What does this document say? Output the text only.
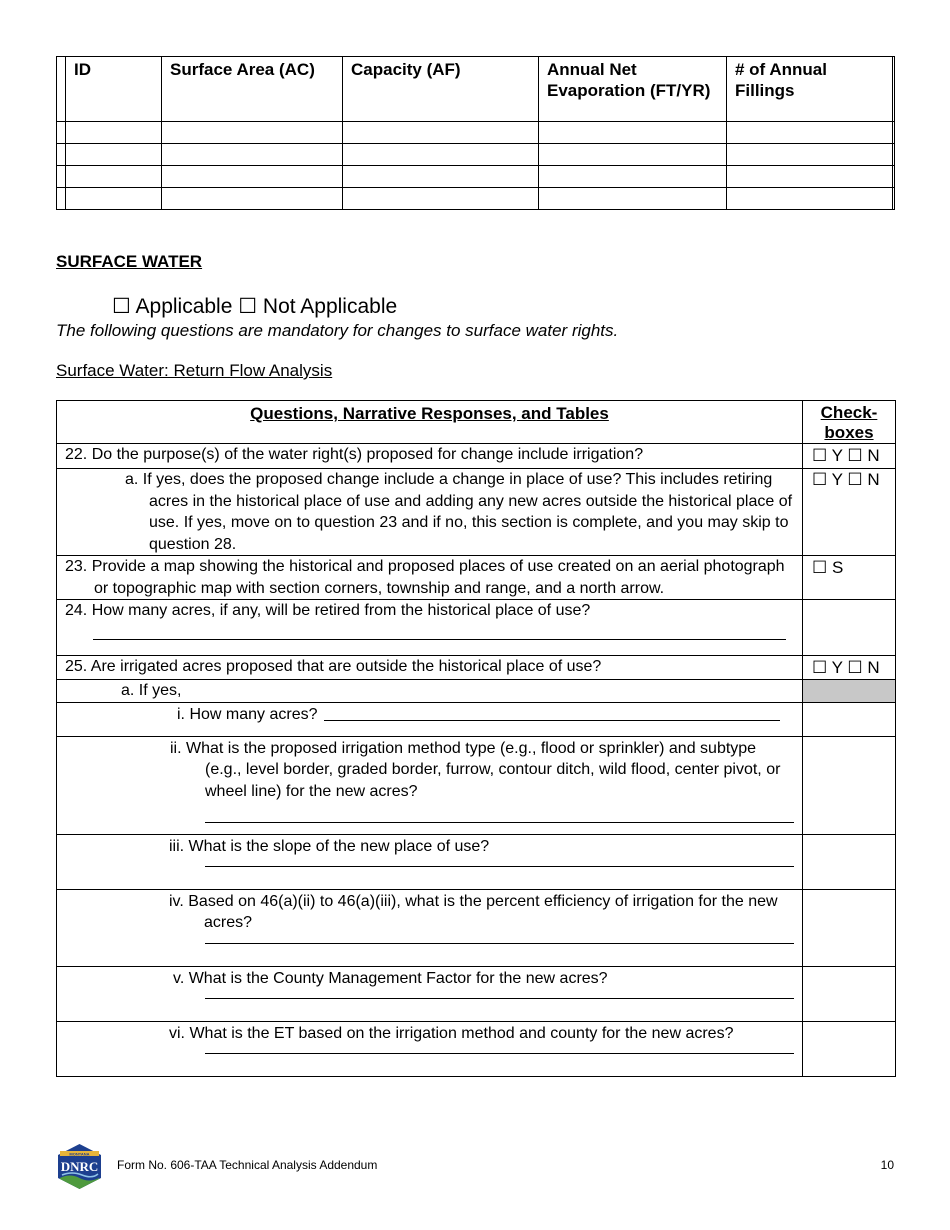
	ID	Surface Area (AC)	Capacity (AF)	Annual Net Evaporation (FT/YR)	# of Annual Fillings	

SURFACE WATER
☐ Applicable ☐ Not Applicable
The following questions are mandatory for changes to surface water rights.
Surface Water: Return Flow Analysis
Questions, Narrative Responses, and Tables	Check-
boxes

22. Do the purpose(s) of the water right(s) proposed for change include irrigation?	☐ Y ☐ N

a. If yes, does the proposed change include a change in place of use? This includes retiring acres in the historical place of use and adding any new acres outside the historical place of use. If yes, move on to question 23 and if no, this section is complete, and you may skip to question 28.	☐ Y ☐ N

23. Provide a map showing the historical and proposed places of use created on an aerial photograph or topographic map with section corners, township and range, and a north arrow.	☐ S

24. How many acres, if any, will be retired from the historical place of use?	

25. Are irrigated acres proposed that are outside the historical place of use?	☐ Y ☐ N

a. If yes,	

i. How many acres?	

ii. What is the proposed irrigation method type (e.g., flood or sprinkler) and subtype (e.g., level border, graded border, furrow, contour ditch, wild flood, center pivot, or wheel line) for the new acres?	

iii. What is the slope of the new place of use?	

iv. Based on 46(a)(ii) to 46(a)(iii), what is the percent efficiency of irrigation for the new acres?	

v. What is the County Management Factor for the new acres?	

vi. What is the ET based on the irrigation method and county for the new acres?	

MONTANA
DNRC Form No. 606-TAA Technical Analysis Addendum	10
